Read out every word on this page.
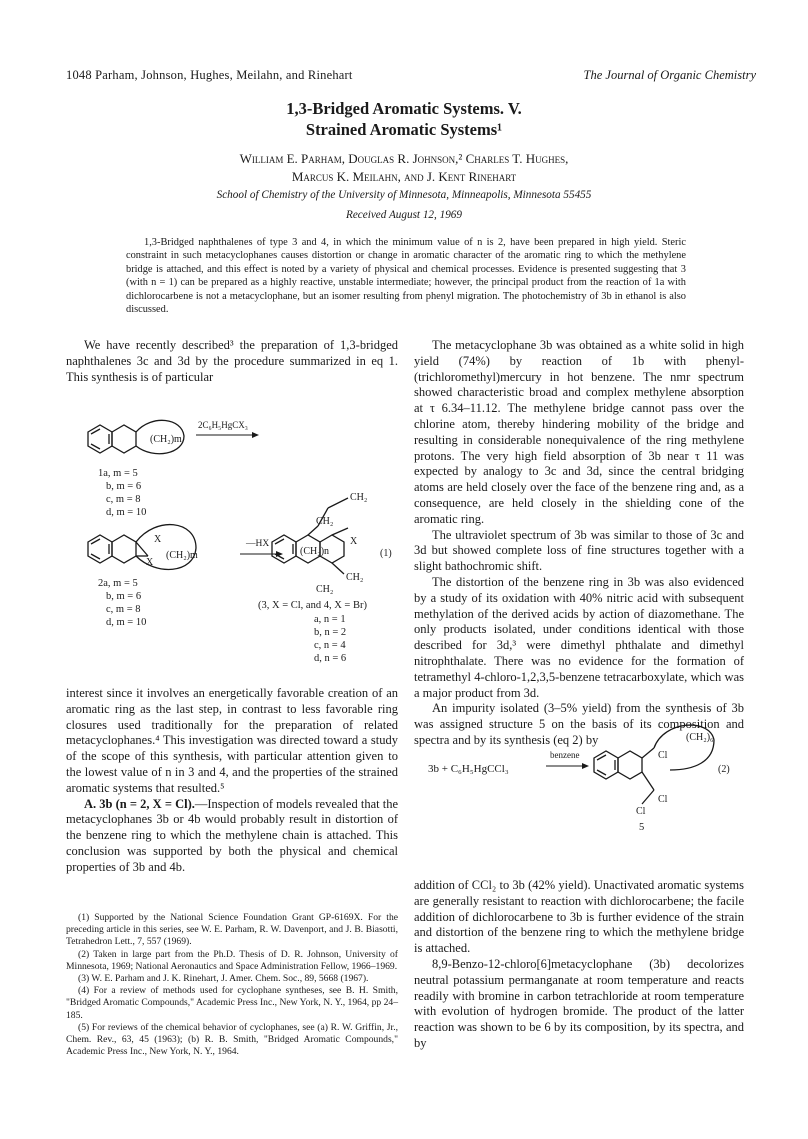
1048 Parham, Johnson, Hughes, Meilahn, and Rinehart	The Journal of Organic Chemistry
1,3-Bridged Aromatic Systems. V.
Strained Aromatic Systems¹
William E. Parham, Douglas R. Johnson,² Charles T. Hughes,
Marcus K. Meilahn, and J. Kent Rinehart
School of Chemistry of the University of Minnesota, Minneapolis, Minnesota 55455
Received August 12, 1969
1,3-Bridged naphthalenes of type 3 and 4, in which the minimum value of n is 2, have been prepared in high yield. Steric constraint in such metacyclophanes causes distortion or change in aromatic character of the aromatic ring to which the methylene bridge is attached, and this effect is noted by a variety of physical and chemical processes. Evidence is presented suggesting that 3 (with n = 1) can be prepared as a highly reactive, unstable intermediate; however, the principal product from the reaction of 1a with dichlorocarbene is not a metacyclophane, but an isomer resulting from phenyl migration. The photochemistry of 3b in ethanol is also discussed.

We have recently described³ the preparation of 1,3-bridged naphthalenes 3c and 3d by the procedure summarized in eq 1. This synthesis is of particular

(CH₂)m
2C₆H₅HgCX₃
1a, m = 5
b, m = 6
c, m = 8
d, m = 10
X
X
(CH₂)m
—HX
2a, m = 5
b, m = 6
c, m = 8
d, m = 10
CH₂
CH₂
X
(CH₂)n
CH₂
CH₂
(1)
(3, X = Cl, and 4, X = Br)
a, n = 1
b, n = 2
c, n = 4
d, n = 6

interest since it involves an energetically favorable creation of an aromatic ring as the last step, in contrast to less favorable ring closures used traditionally for the preparation of related metacyclophanes.⁴ This investigation was directed toward a study of the scope of this synthesis, with particular attention given to the lowest value of n in 3 and 4, and the properties of the strained aromatic systems that resulted.⁵

A. 3b (n = 2, X = Cl).—Inspection of models revealed that the metacyclophanes 3b or 4b would probably result in distortion of the benzene ring to which the methylene chain is attached. This conclusion was supported by both the physical and chemical properties of 3b and 4b.

(1) Supported by the National Science Foundation Grant GP-6169X. For the preceding article in this series, see W. E. Parham, R. W. Davenport, and J. B. Biasotti, Tetrahedron Lett., 7, 557 (1969).
(2) Taken in large part from the Ph.D. Thesis of D. R. Johnson, University of Minnesota, 1969; National Aeronautics and Space Administration Fellow, 1966–1969.
(3) W. E. Parham and J. K. Rinehart, J. Amer. Chem. Soc., 89, 5668 (1967).
(4) For a review of methods used for cyclophane syntheses, see B. H. Smith, "Bridged Aromatic Compounds," Academic Press Inc., New York, N. Y., 1964, pp 24–185.
(5) For reviews of the chemical behavior of cyclophanes, see (a) R. W. Griffin, Jr., Chem. Rev., 63, 45 (1963); (b) R. B. Smith, "Bridged Aromatic Compounds," Academic Press Inc., New York, N. Y., 1964.

The metacyclophane 3b was obtained as a white solid in high yield (74%) by reaction of 1b with phenyl-(trichloromethyl)mercury in hot benzene. The nmr spectrum showed characteristic broad and complex methylene absorption at τ 6.34–11.12. The methylene bridge cannot pass over the chlorine atom, thereby hindering mobility of the bridge and resulting in considerable nonequivalence of the ring methylene protons. The very high field absorption of 3b near τ 11 was expected by analogy to 3c and 3d, since the central bridging atoms are held closely over the face of the benzene ring and, as a consequence, are held closely in the shielding cone of the aromatic ring.

The ultraviolet spectrum of 3b was similar to those of 3c and 3d but showed complete loss of fine structures together with a slight bathochromic shift.

The distortion of the benzene ring in 3b was also evidenced by a study of its oxidation with 40% nitric acid with subsequent methylation of the derived acids by action of diazomethane. The only products isolated, under conditions identical with those described for 3d,³ were dimethyl phthalate and dimethyl nitrophthalate. There was no evidence for the formation of tetramethyl 4-chloro-1,2,3,5-benzene tetracarboxylate, which was a major product from 3d.

An impurity isolated (3–5% yield) from the synthesis of 3b was assigned structure 5 on the basis of its composition and spectra and by its synthesis (eq 2) by

3b + C₆H₅HgCCl₃
benzene
(CH₂)₆
Cl
Cl
Cl
5
(2)

addition of CCl₂ to 3b (42% yield). Unactivated aromatic systems are generally resistant to reaction with dichlorocarbene; the facile addition of dichlorocarbene to 3b is further evidence of the strain and distortion of the benzene ring to which the methylene bridge is attached.

8,9-Benzo-12-chloro[6]metacyclophane (3b) decolorizes neutral potassium permanganate at room temperature and reacts readily with bromine in carbon tetrachloride at room temperature with evolution of hydrogen bromide. The product of the latter reaction was shown to be 6 by its composition, by its spectra, and by
